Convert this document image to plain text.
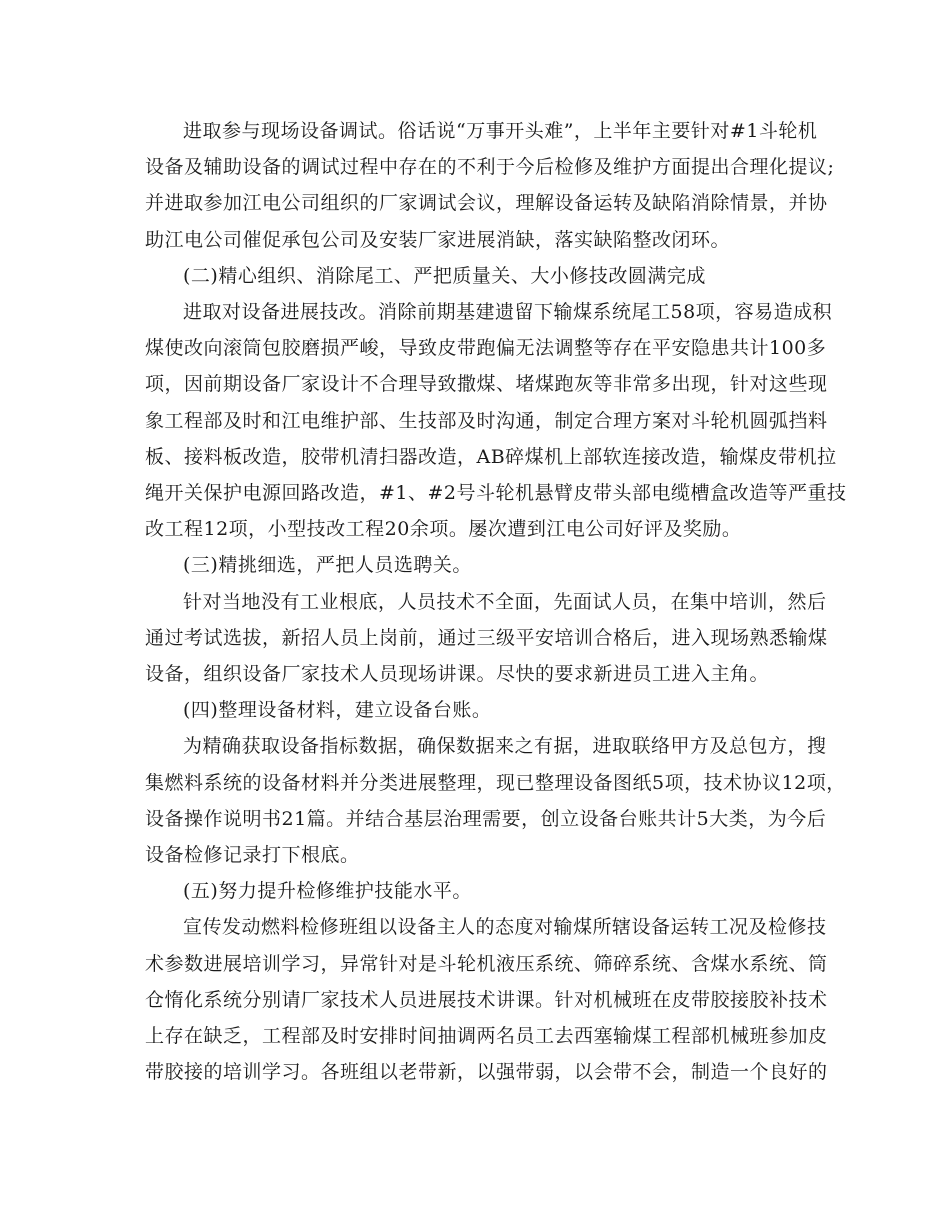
进取参与现场设备调试。俗话说“万事开头难”，上半年主要针对#1斗轮机
设备及辅助设备的调试过程中存在的不利于今后检修及维护方面提出合理化提议;
并进取参加江电公司组织的厂家调试会议，理解设备运转及缺陷消除情景，并协
助江电公司催促承包公司及安装厂家进展消缺，落实缺陷整改闭环。
(二)精心组织、消除尾工、严把质量关、大小修技改圆满完成
进取对设备进展技改。消除前期基建遗留下输煤系统尾工58项，容易造成积
煤使改向滚筒包胶磨损严峻，导致皮带跑偏无法调整等存在平安隐患共计100多
项，因前期设备厂家设计不合理导致撒煤、堵煤跑灰等非常多出现，针对这些现
象工程部及时和江电维护部、生技部及时沟通，制定合理方案对斗轮机圆弧挡料
板、接料板改造，胶带机清扫器改造，AB碎煤机上部软连接改造，输煤皮带机拉
绳开关保护电源回路改造，#1、#2号斗轮机悬臂皮带头部电缆槽盒改造等严重技
改工程12项，小型技改工程20余项。屡次遭到江电公司好评及奖励。
(三)精挑细选，严把人员选聘关。
针对当地没有工业根底，人员技术不全面，先面试人员，在集中培训，然后
通过考试选拔，新招人员上岗前，通过三级平安培训合格后，进入现场熟悉输煤
设备，组织设备厂家技术人员现场讲课。尽快的要求新进员工进入主角。
(四)整理设备材料，建立设备台账。
为精确获取设备指标数据，确保数据来之有据，进取联络甲方及总包方，搜
集燃料系统的设备材料并分类进展整理，现已整理设备图纸5项，技术协议12项，
设备操作说明书21篇。并结合基层治理需要，创立设备台账共计5大类，为今后
设备检修记录打下根底。
(五)努力提升检修维护技能水平。
宣传发动燃料检修班组以设备主人的态度对输煤所辖设备运转工况及检修技
术参数进展培训学习，异常针对是斗轮机液压系统、筛碎系统、含煤水系统、筒
仓惰化系统分别请厂家技术人员进展技术讲课。针对机械班在皮带胶接胶补技术
上存在缺乏，工程部及时安排时间抽调两名员工去西塞输煤工程部机械班参加皮
带胶接的培训学习。各班组以老带新，以强带弱，以会带不会，制造一个良好的
